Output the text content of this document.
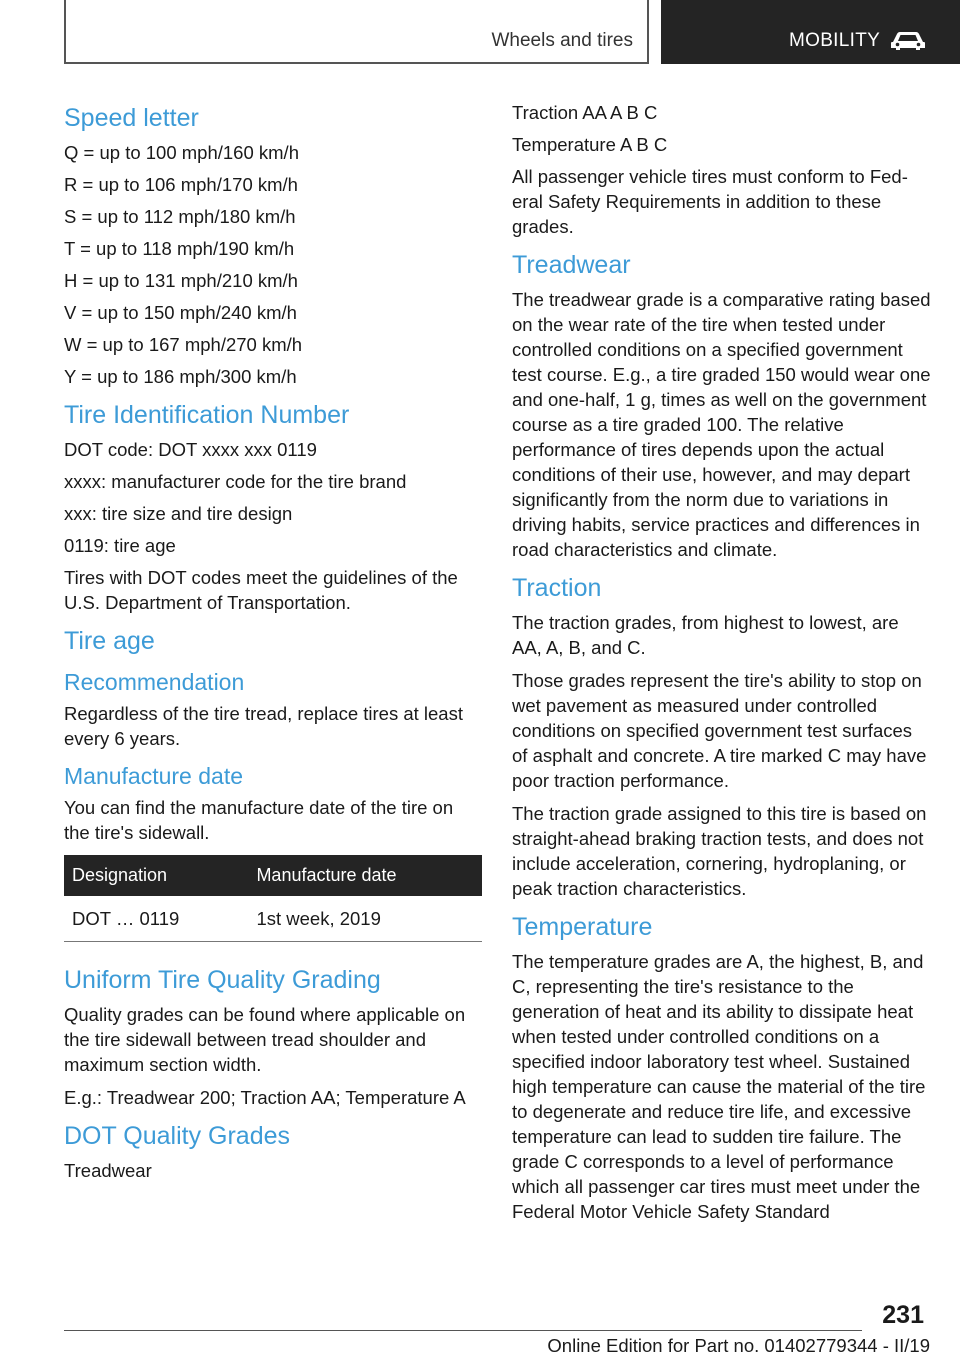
Wheels and tires	MOBILITY
Speed letter

Q = up to 100 mph/160 km/h

R = up to 106 mph/170 km/h

S = up to 112 mph/180 km/h

T = up to 118 mph/190 km/h

H = up to 131 mph/210 km/h

V = up to 150 mph/240 km/h

W = up to 167 mph/270 km/h

Y = up to 186 mph/300 km/h

Tire Identification Number

DOT code: DOT xxxx xxx 0119

xxxx: manufacturer code for the tire brand

xxx: tire size and tire design

0119: tire age

Tires with DOT codes meet the guidelines of the U.S. Department of Transportation.

Tire age
Recommendation

Regardless of the tire tread, replace tires at least every 6 years.

Manufacture date

You can find the manufacture date of the tire on the tire's sidewall.

Designation	Manufacture date
DOT … 0119	1st week, 2019
Uniform Tire Quality Grading

Quality grades can be found where applicable on the tire sidewall between tread shoulder and maximum section width.

E.g.: Treadwear 200; Traction AA; Temperature A

DOT Quality Grades

Treadwear

Traction AA A B C

Temperature A B C

All passenger vehicle tires must conform to Federal Safety Requirements in addition to these grades.

Treadwear

The treadwear grade is a comparative rating based on the wear rate of the tire when tested under controlled conditions on a specified government test course. E.g., a tire graded 150 would wear one and one-half, 1 g, times as well on the government course as a tire graded 100. The relative performance of tires depends upon the actual conditions of their use, however, and may depart significantly from the norm due to variations in driving habits, service practices and differences in road characteristics and climate.

Traction

The traction grades, from highest to lowest, are AA, A, B, and C.

Those grades represent the tire's ability to stop on wet pavement as measured under controlled conditions on specified government test surfaces of asphalt and concrete. A tire marked C may have poor traction performance.

The traction grade assigned to this tire is based on straight-ahead braking traction tests, and does not include acceleration, cornering, hydroplaning, or peak traction characteristics.

Temperature

The temperature grades are A, the highest, B, and C, representing the tire's resistance to the generation of heat and its ability to dissipate heat when tested under controlled conditions on a specified indoor laboratory test wheel. Sustained high temperature can cause the material of the tire to degenerate and reduce tire life, and excessive temperature can lead to sudden tire failure. The grade C corresponds to a level of performance which all passenger car tires must meet under the Federal Motor Vehicle Safety Standard

231
Online Edition for Part no. 01402779344 - II/19
